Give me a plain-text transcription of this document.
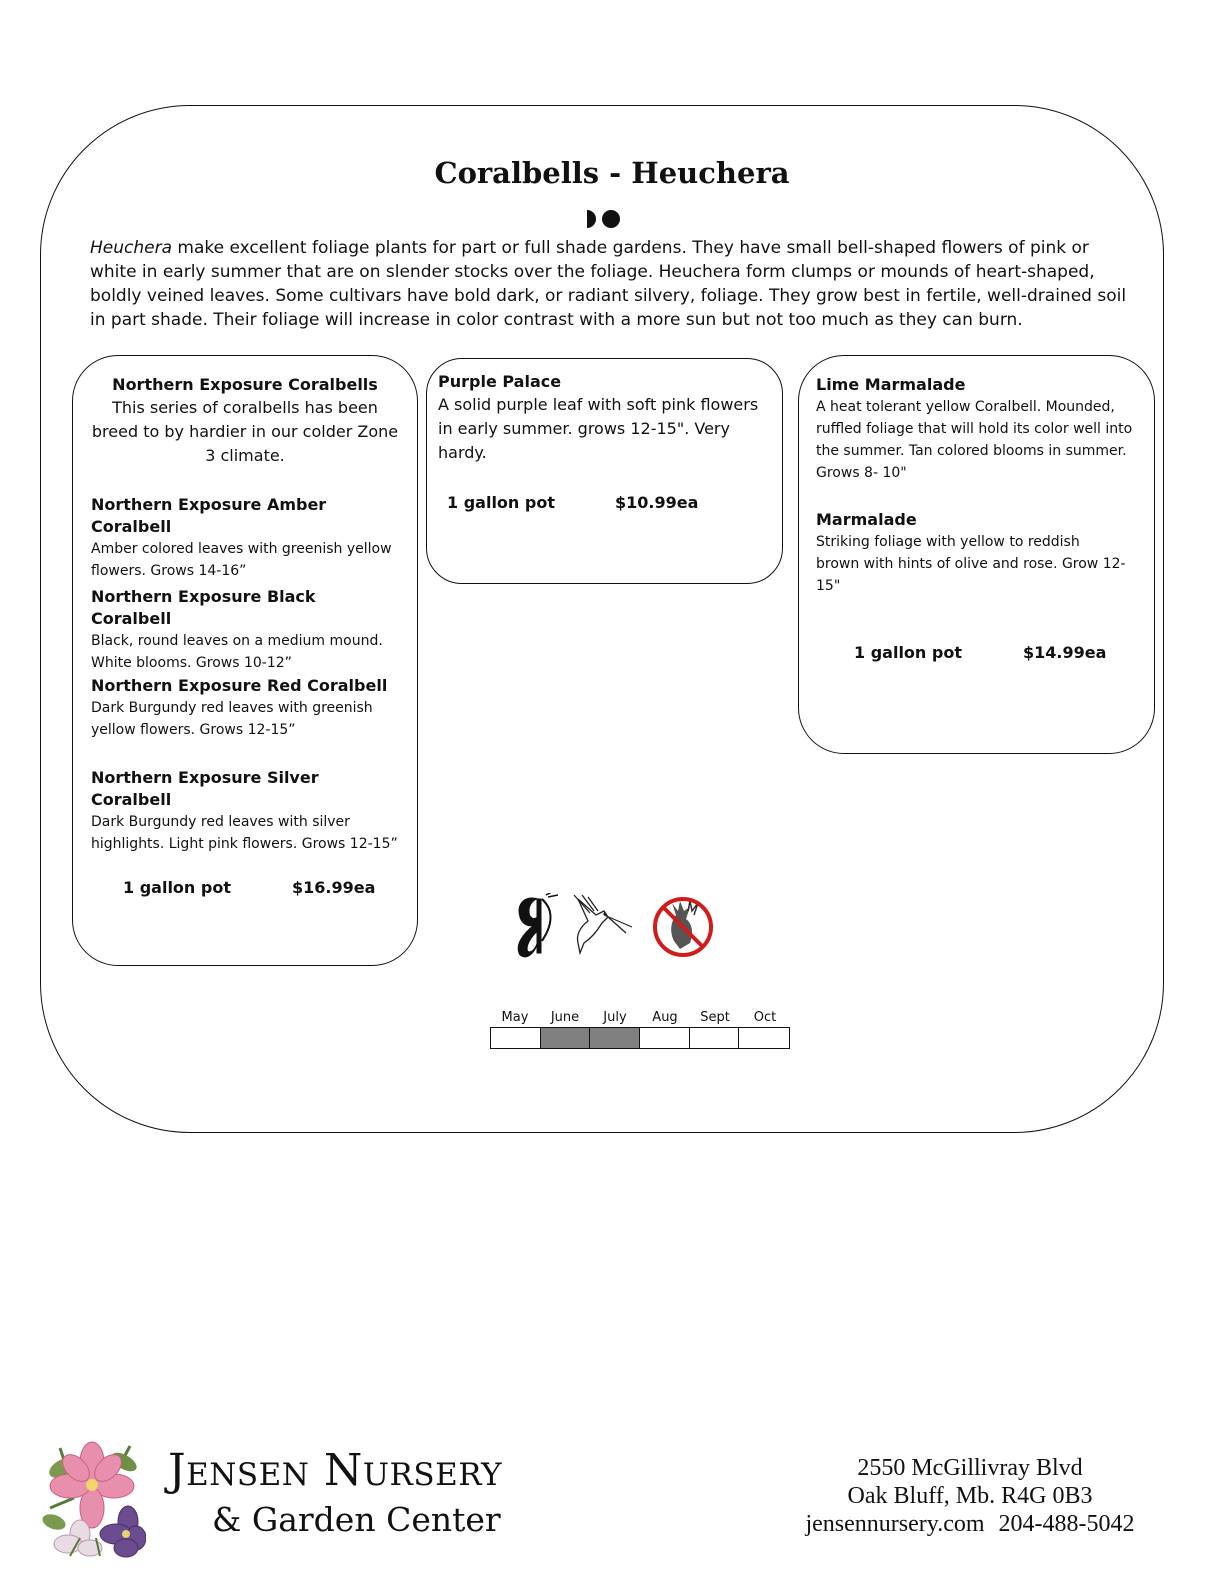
Coralbells - Heuchera

Heuchera make excellent foliage plants for part or full shade gardens. They have small bell-shaped flowers of pink or white in early summer that are on slender stocks over the foliage. Heuchera form clumps or mounds of heart-shaped, boldly veined leaves. Some cultivars have bold dark, or radiant silvery, foliage. They grow best in fertile, well-drained soil in part shade. Their foliage will increase in color contrast with a more sun but not too much as they can burn.

Northern Exposure Coralbells
This series of coralbells has been breed to by hardier in our colder Zone 3 climate.
Northern Exposure Amber Coralbell
Amber colored leaves with greenish yellow flowers. Grows 14-16”
Northern Exposure Black Coralbell
Black, round leaves on a medium mound. White blooms. Grows 10-12”
Northern Exposure Red Coralbell
Dark Burgundy red leaves with greenish yellow flowers. Grows 12-15”
Northern Exposure Silver Coralbell
Dark Burgundy red leaves with silver highlights. Light pink flowers. Grows 12-15”
1 gallon pot	$16.99ea
Purple Palace
A solid purple leaf with soft pink flowers in early summer. grows 12-15". Very hardy.
1 gallon pot	$10.99ea
Lime Marmalade
A heat tolerant yellow Coralbell. Mounded, ruffled foliage that will hold its color well into the summer. Tan colored blooms in summer. Grows 8- 10"
Marmalade
Striking foliage with yellow to reddish brown with hints of olive and rose. Grow 12-15"
1 gallon pot	$14.99ea
May	June	July	Aug	Sept	Oct
Jensen Nursery
& Garden Center
2550 McGillivray Blvd
Oak Bluff, Mb. R4G 0B3
jensennursery.com 204-488-5042
